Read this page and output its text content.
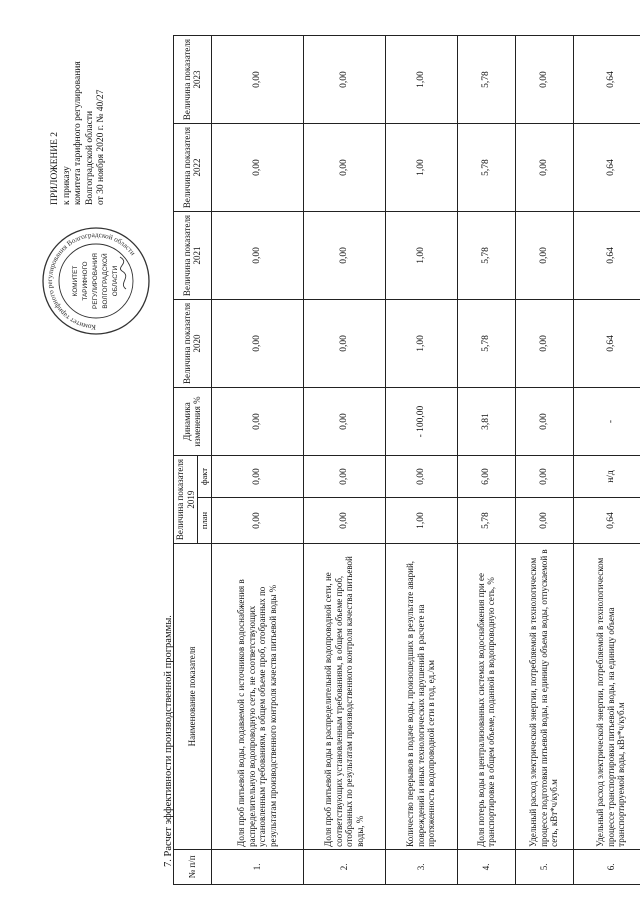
ПРИЛОЖЕНИЕ 2 к приказу комитета тарифного регулирования Волгоградской области от 30 ноября 2020 г. № 40/27
Комитет тарифного регулирования Волгоградской области
КОМИТЕТ ТАРИФНОГО РЕГУЛИРОВАНИЯ ВОЛГОГРАДСКОЙ ОБЛАСТИ
7. Расчет эффективности производственной программы. № п/п	Наименование показателя	Величина показателя 2019		Динамика изменения %	Величина показателя 2020	Величина показателя 2021	Величина показателя 2022	Величина показателя 2023
		план	факт					
1.	Доля проб питьевой воды, подаваемой с источников водоснабжения в распределительную водопроводную сеть, не соответствующих установленным требованиям, в общем объеме проб, отобранных по результатам производственного контроля качества питьевой воды %	0,00	0,00	0,00	0,00	0,00	0,00	0,00
2.	Доля проб питьевой воды в распределительной водопроводной сети, не соответствующих установленным требованиям, в общем объеме проб, отобранных по результатам производственного контроля качества питьевой воды, %	0,00	0,00	0,00	0,00	0,00	0,00	0,00
3.	Количество перерывов в подаче воды, произошедших в результате аварий, повреждений и иных технологических нарушений в расчете на протяженность водопроводной сети в год, ед./км	1,00	0,00	- 100,00	1,00	1,00	1,00	1,00
4.	Доля потерь воды в централизованных системах водоснабжения при ее транспортировке в общем объеме, поданной в водопроводную сеть, %	5,78	6,00	3,81	5,78	5,78	5,78	5,78
5.	Удельный расход электрической энергии, потребляемой в технологическом процессе подготовки питьевой воды, на единицу объема воды, отпускаемой в сеть, кВт*ч/куб.м	0,00	0,00	0,00	0,00	0,00	0,00	0,00
6.	Удельный расход электрической энергии, потребляемой в технологическом процессе транспортировки питьевой воды, на единицу объема транспортируемой воды, кВт*ч/куб.м	0,64	н/д	-	0,64	0,64	0,64	0,64
